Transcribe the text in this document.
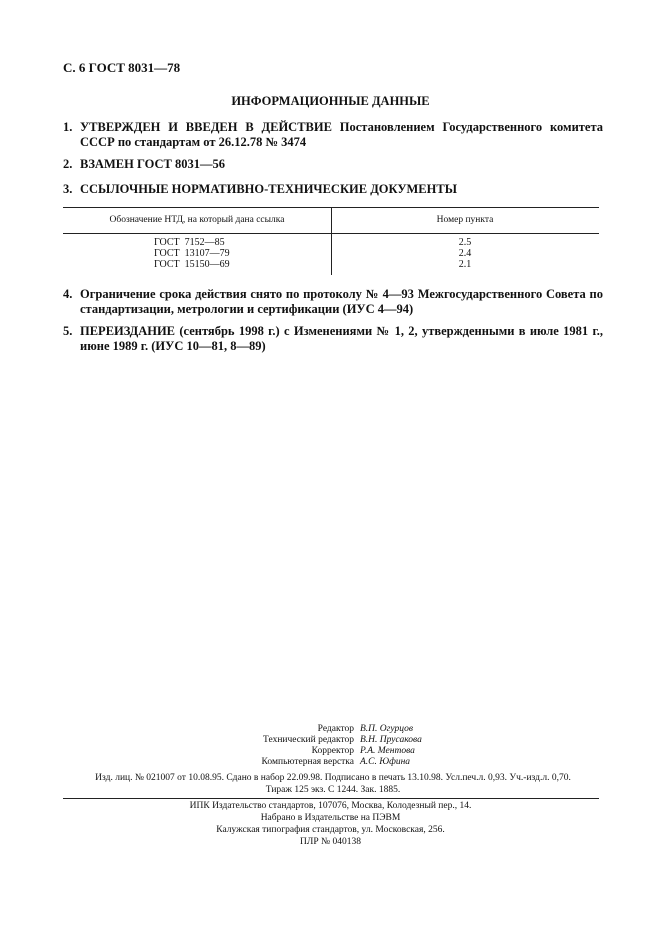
С. 6 ГОСТ 8031—78
ИНФОРМАЦИОННЫЕ ДАННЫЕ
1. УТВЕРЖДЕН И ВВЕДЕН В ДЕЙСТВИЕ Постановлением Государственного комитета СССР по стандартам от 26.12.78 № 3474
2. ВЗАМЕН ГОСТ 8031—56
3. ССЫЛОЧНЫЕ НОРМАТИВНО-ТЕХНИЧЕСКИЕ ДОКУМЕНТЫ
Обозначение НТД, на который дана ссылка	Номер пункта
ГОСТ  7152—85	2.5
ГОСТ  13107—79	2.4
ГОСТ  15150—69	2.1
4. Ограничение срока действия снято по протоколу № 4—93 Межгосударственного Совета по стандартизации, метрологии и сертификации (ИУС 4—94)
5. ПЕРЕИЗДАНИЕ (сентябрь 1998 г.) с Изменениями № 1, 2, утвержденными в июле 1981 г., июне 1989 г. (ИУС 10—81, 8—89)
Редактор В.П. Огурцов
Технический редактор В.Н. Прусакова
Корректор Р.А. Ментова
Компьютерная верстка А.С. Юфина
Изд. лиц. № 021007 от 10.08.95. Сдано в набор 22.09.98. Подписано в печать 13.10.98. Усл.печ.л. 0,93. Уч.-изд.л. 0,70.
Тираж 125 экз. С 1244. Зак. 1885.
ИПК Издательство стандартов, 107076, Москва, Колодезный пер., 14.
Набрано в Издательстве на ПЭВМ
Калужская типография стандартов, ул. Московская, 256.
ПЛР № 040138
